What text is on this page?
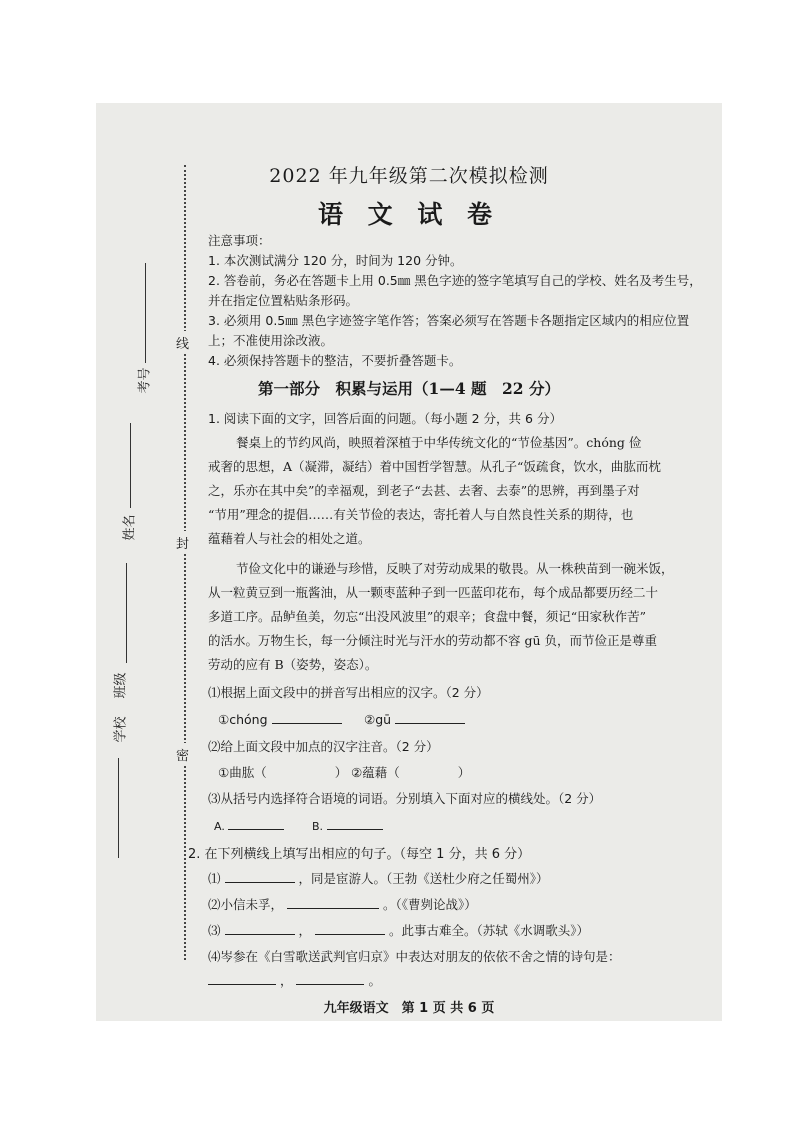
线
封
密
考号
姓名
班级
学校
2022 年九年级第二次模拟检测
语 文 试 卷
注意事项：
1. 本次测试满分 120 分，时间为 120 分钟。
2. 答卷前，务必在答题卡上用 0.5㎜ 黑色字迹的签字笔填写自己的学校、姓名及考生号，
并在指定位置粘贴条形码。
3. 必须用 0.5㎜ 黑色字迹签字笔作答；答案必须写在答题卡各题指定区域内的相应位置
上；不准使用涂改液。
4. 必须保持答题卡的整洁，不要折叠答题卡。
第一部分　积累与运用（1—4 题　22 分）
1. 阅读下面的文字，回答后面的问题。（每小题 2 分，共 6 分）
餐桌上的节约风尚，映照着深植于中华传统文化的“节俭基因”。chóng 俭
戒奢的思想，A（凝滞，凝结）着中国哲学智慧。从孔子“饭疏食，饮水，曲肱而枕
之，乐亦在其中矣”的幸福观，到老子“去甚、去奢、去泰”的思辨，再到墨子对
“节用”理念的提倡……有关节俭的表达，寄托着人与自然良性关系的期待，也
蕴藉着人与社会的相处之道。
节俭文化中的谦逊与珍惜，反映了对劳动成果的敬畏。从一株秧苗到一碗米饭，
从一粒黄豆到一瓶酱油，从一颗枣蓝种子到一匹蓝印花布，每个成品都要历经二十
多道工序。品鲈鱼美，勿忘“出没风波里”的艰辛；食盘中餐，须记“田家秋作苦”
的活水。万物生长，每一分倾注时光与汗水的劳动都不容 gū 负，而节俭正是尊重
劳动的应有 B（姿势，姿态）。
⑴根据上面文段中的拼音写出相应的汉字。（2 分）
①chóng	②gū
⑵给上面文段中加点的汉字注音。（2 分）
①曲肱（	） ②蕴藉（	）
⑶从括号内选择符合语境的词语。分别填入下面对应的横线处。（2 分）
A.	B.
2. 在下列横线上填写出相应的句子。（每空 1 分，共 6 分）
⑴	，同是宦游人。（王勃《送杜少府之任蜀州》）
⑵小信未孚，	。（《曹刿论战》）
⑶	，	。此事古难全。（苏轼《水调歌头》）
⑷岑参在《白雪歌送武判官归京》中表达对朋友的依依不舍之情的诗句是：
，	。
九年级语文　第 1 页 共 6 页
